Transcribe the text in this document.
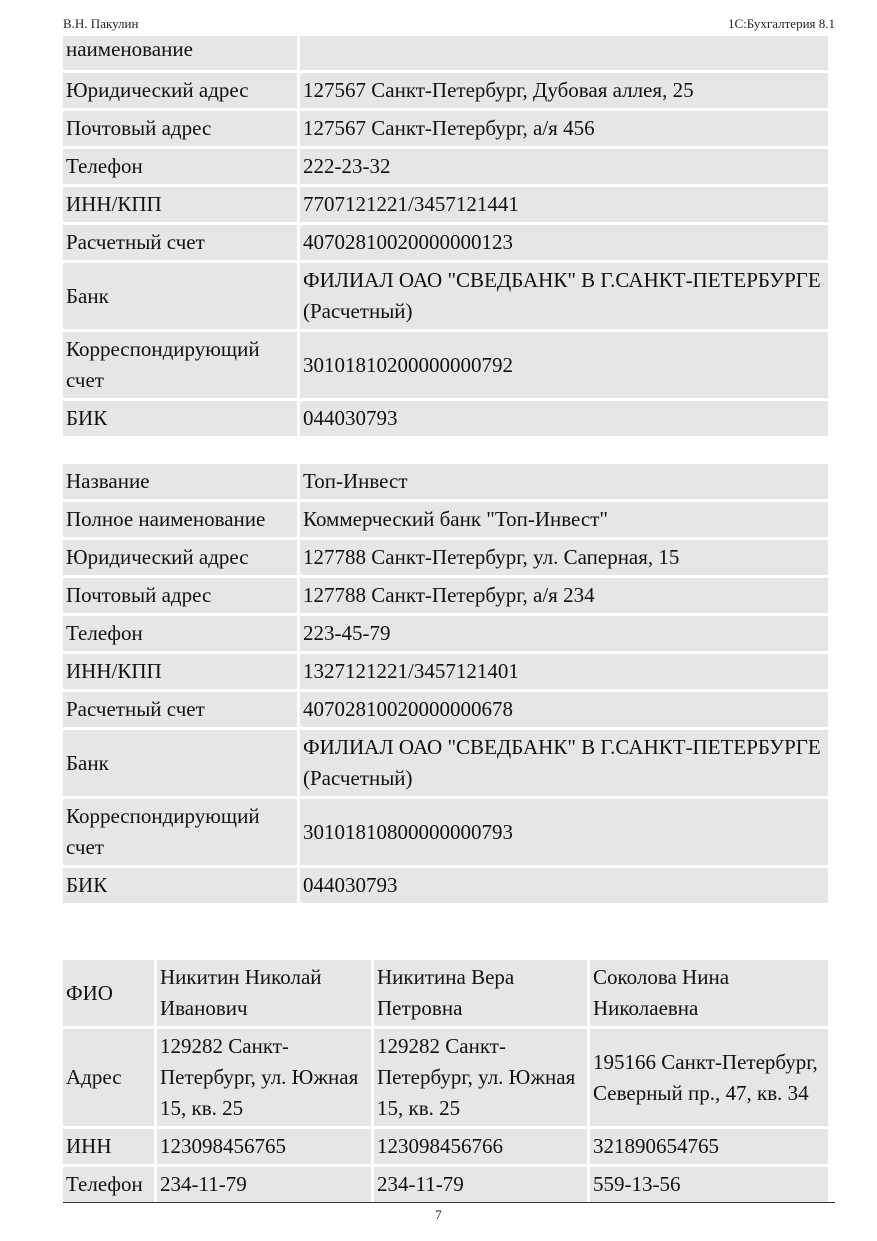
В.Н. Пакулин	1С:Бухгалтерия 8.1
наименование	
Юридический адрес	127567 Санкт-Петербург, Дубовая аллея, 25
Почтовый адрес	127567 Санкт-Петербург, а/я 456
Телефон	222-23-32
ИНН/КПП	7707121221/3457121441
Расчетный счет	40702810020000000123
Банк	ФИЛИАЛ ОАО "СВЕДБАНК" В Г.САНКТ-ПЕТЕРБУРГЕ (Расчетный)
Корреспондирующий счет	30101810200000000792
БИК	044030793
Название	Топ-Инвест
Полное наименование	Коммерческий банк "Топ-Инвест"
Юридический адрес	127788 Санкт-Петербург, ул. Саперная, 15
Почтовый адрес	127788 Санкт-Петербург, а/я 234
Телефон	223-45-79
ИНН/КПП	1327121221/3457121401
Расчетный счет	40702810020000000678
Банк	ФИЛИАЛ ОАО "СВЕДБАНК" В Г.САНКТ-ПЕТЕРБУРГЕ (Расчетный)
Корреспондирующий счет	30101810800000000793
БИК	044030793
ФИО	Никитин Николай Иванович	Никитина Вера Петровна	Соколова Нина Николаевна
Адрес	129282 Санкт-Петербург, ул. Южная 15, кв. 25	129282 Санкт-Петербург, ул. Южная 15, кв. 25	195166 Санкт-Петербург, Северный пр., 47, кв. 34
ИНН	123098456765	123098456766	321890654765
Телефон	234-11-79	234-11-79	559-13-56
7
